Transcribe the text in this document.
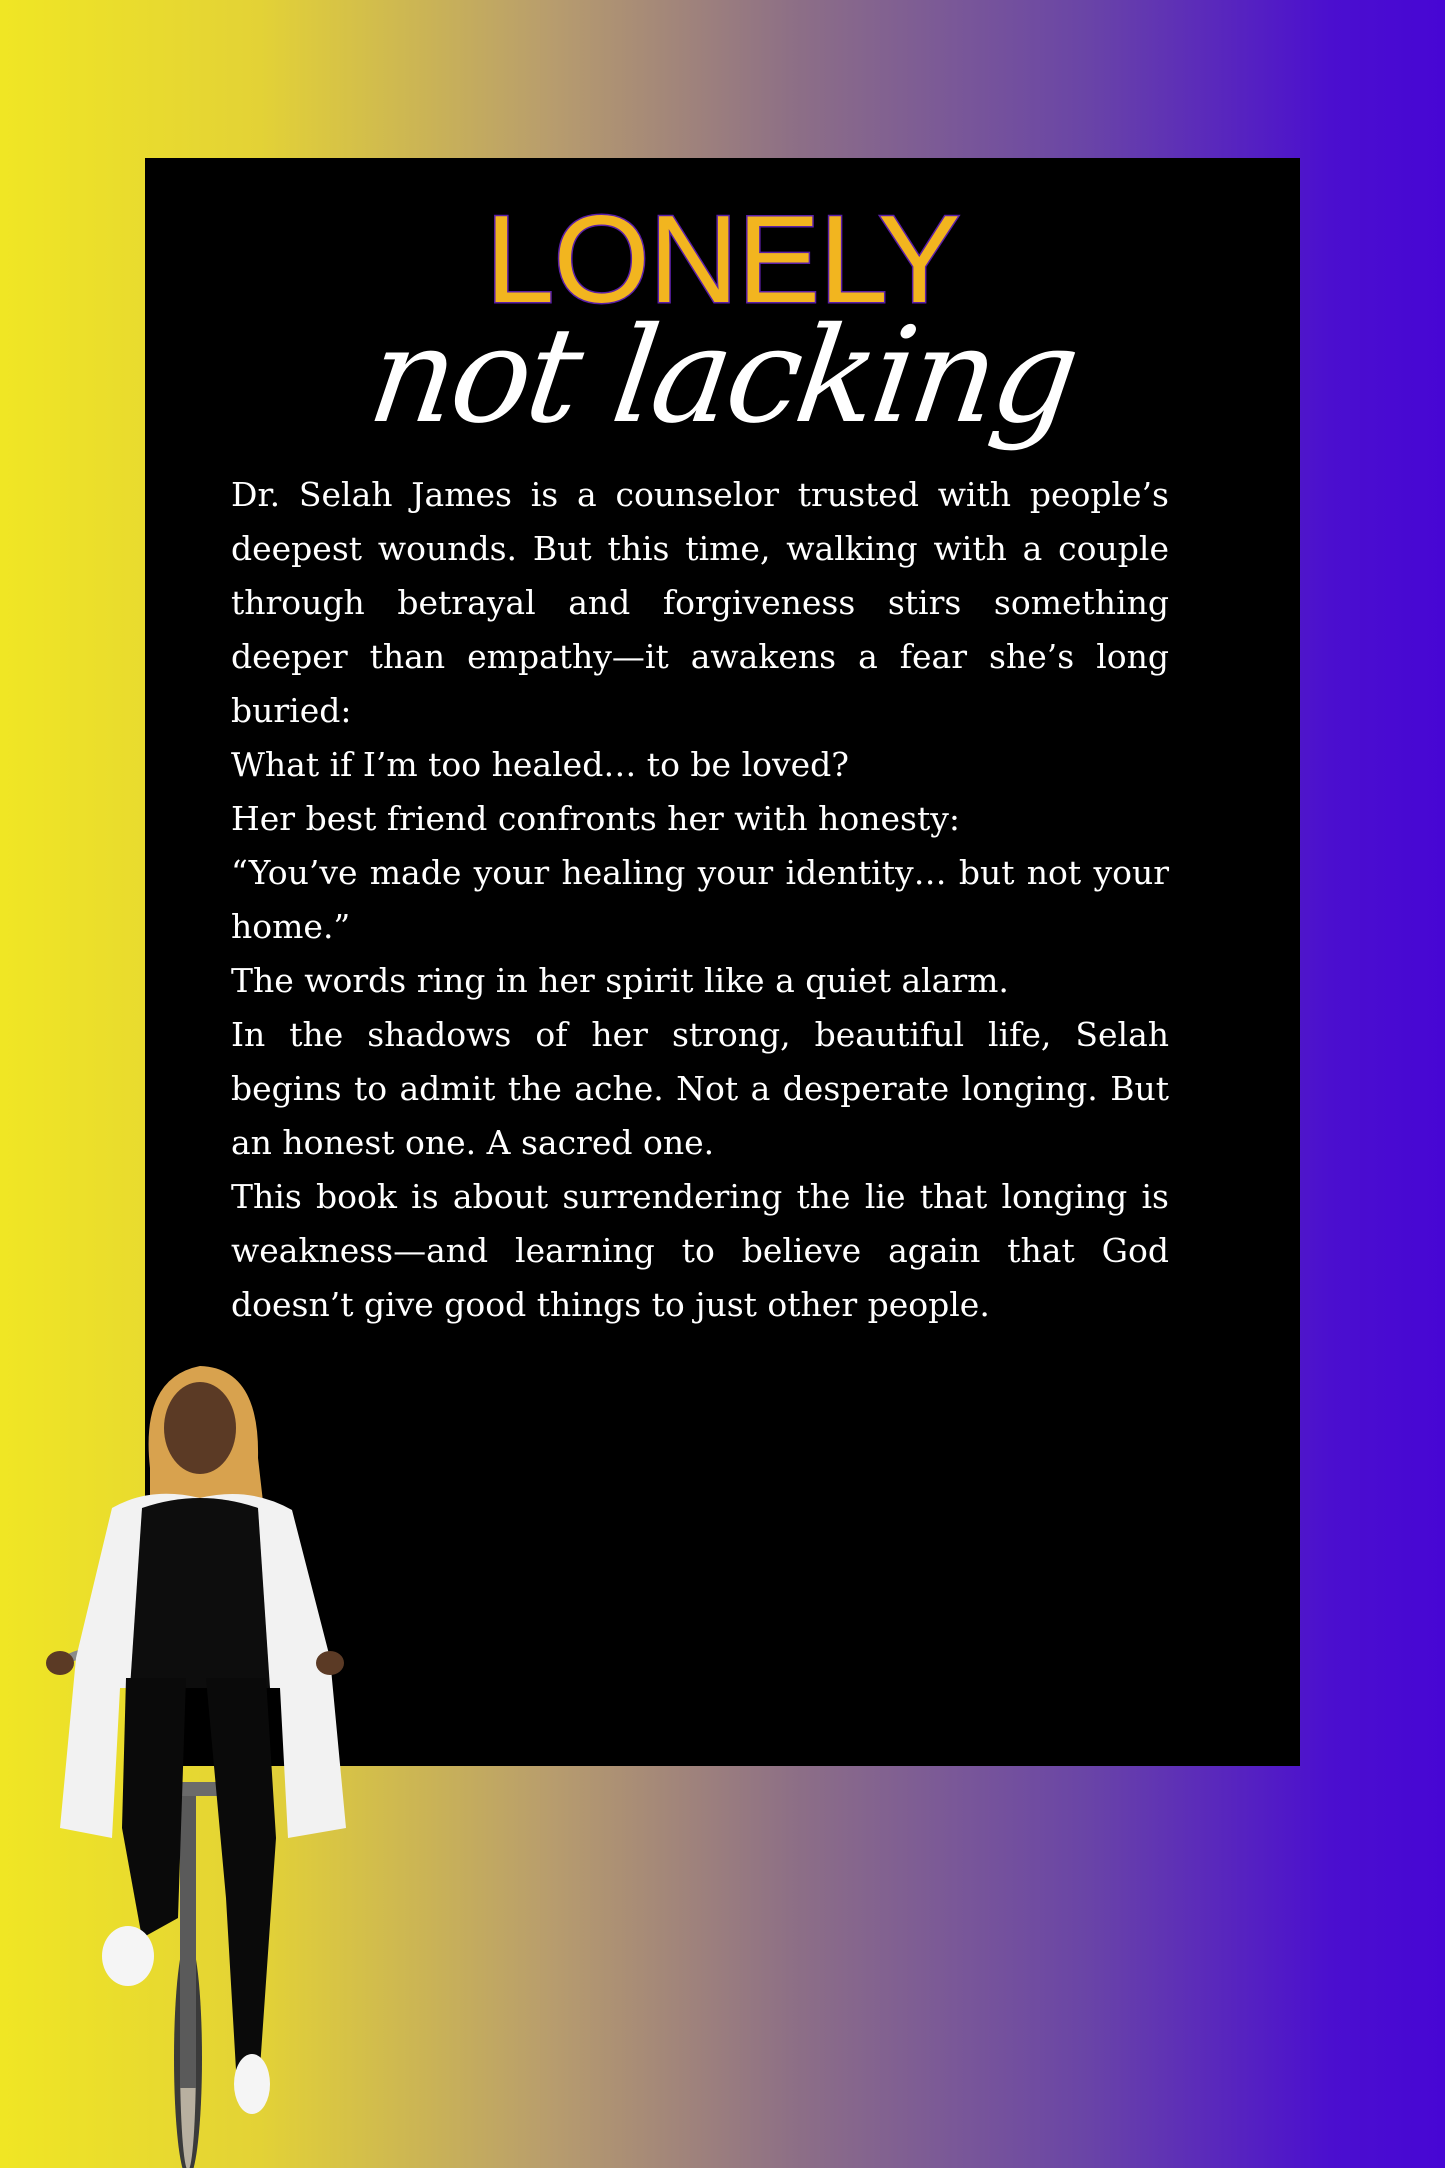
LONELY
not lacking

Dr. Selah James is a counselor trusted with people’s deepest wounds. But this time, walking with a couple through betrayal and forgiveness stirs something deeper than empathy—it awakens a fear she’s long buried:

What if I’m too healed… to be loved?

Her best friend confronts her with honesty:

“You’ve made your healing your identity… but not your home.”

The words ring in her spirit like a quiet alarm.

In the shadows of her strong, beautiful life, Selah begins to admit the ache. Not a desperate longing. But an honest one. A sacred one.

This book is about surrendering the lie that longing is weakness—and learning to believe again that God doesn’t give good things to just other people.
